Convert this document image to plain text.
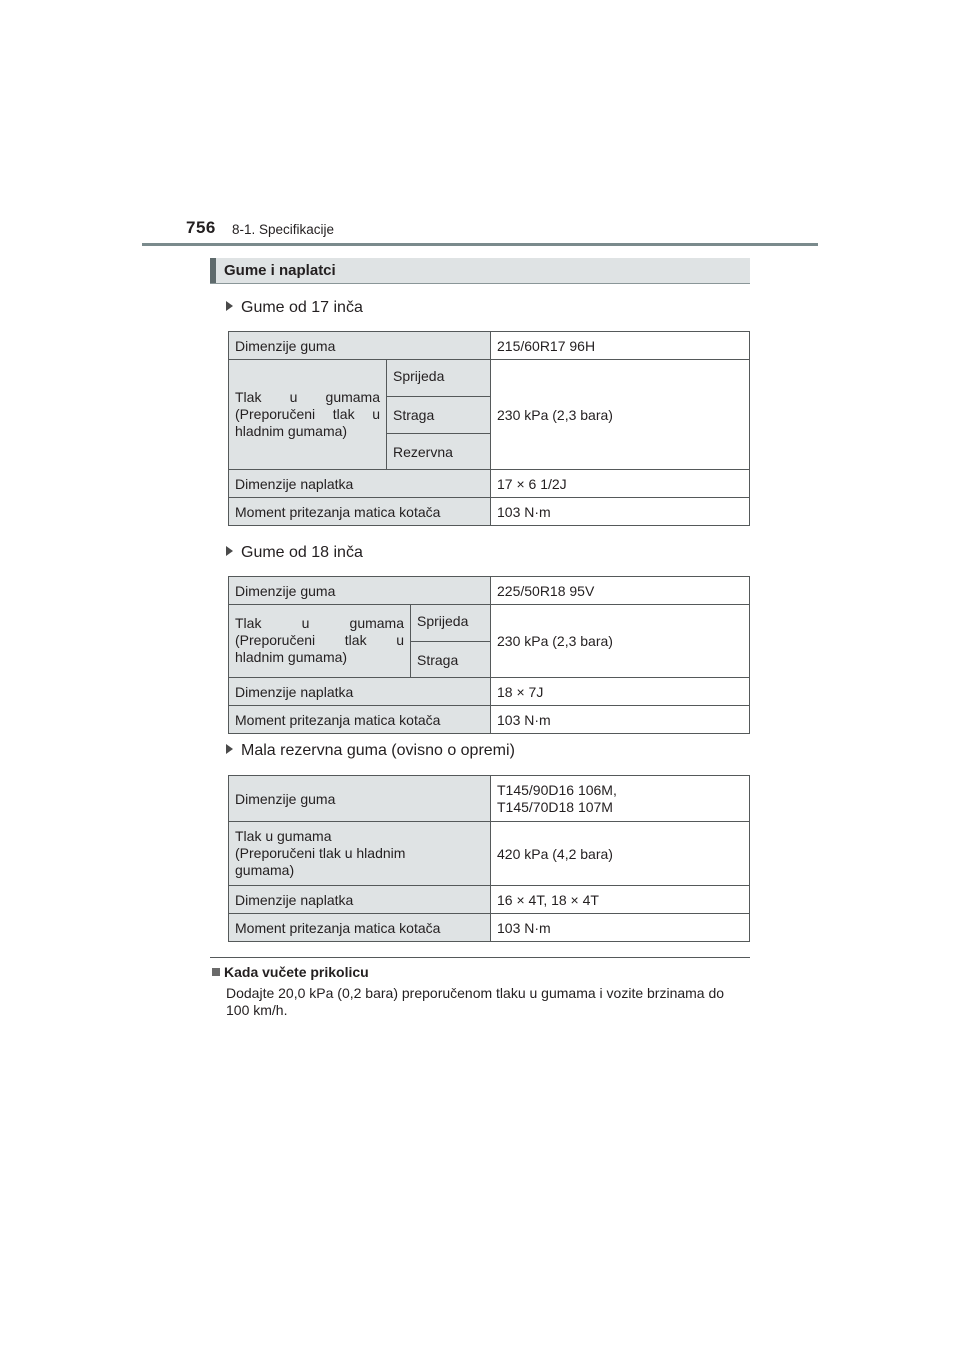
756 8-1. Specifikacije
Gume i naplatci
Gume od 17 inča
Dimenzije guma		215/60R17 96H

Tlak u gumama (Preporučeni tlak u hladnim gumama)	Sprijeda	230 kPa (2,3 bara)
	Straga	
	Rezervna	
Dimenzije naplatka		17 × 6 1/2J
Moment pritezanja matica kotača		103 N·m
Gume od 18 inča
Dimenzije guma		225/50R18 95V

Tlak u gumama (Preporučeni tlak u hladnim gumama)	Sprijeda	230 kPa (2,3 bara)
	Straga	
Dimenzije naplatka		18 × 7J
Moment pritezanja matica kotača		103 N·m
Mala rezervna guma (ovisno o opremi)
Dimenzije guma	T145/90D16 106M,
T145/70D18 107M

Tlak u gumama
(Preporučeni tlak u hladnim
gumama)	420 kPa (4,2 bara)
Dimenzije naplatka	16 × 4T, 18 × 4T
Moment pritezanja matica kotača	103 N·m
Kada vučete prikolicu
Dodajte 20,0 kPa (0,2 bara) preporučenom tlaku u gumama i vozite brzinama do 100 km/h.
